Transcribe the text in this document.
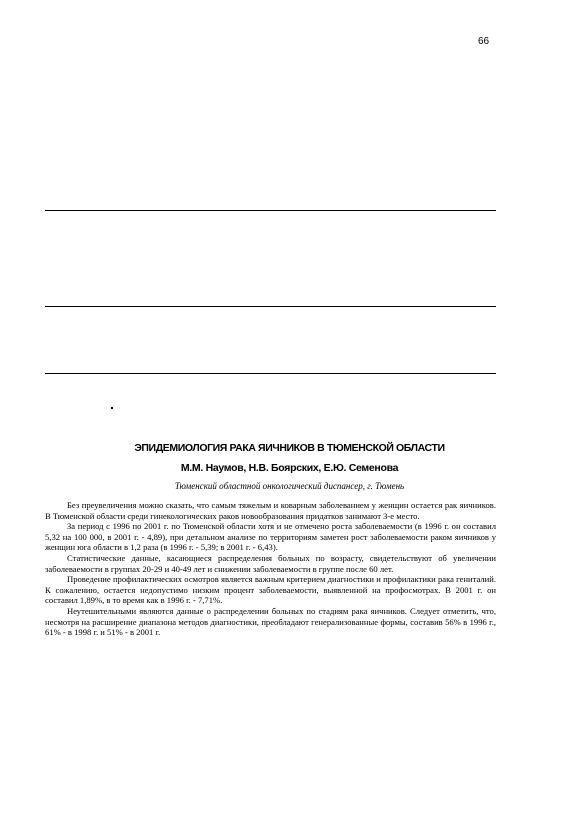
66
ЭПИДЕМИОЛОГИЯ РАКА ЯИЧНИКОВ В ТЮМЕНСКОЙ ОБЛАСТИ
М.М. Наумов, Н.В. Боярских, Е.Ю. Семенова
Тюменский областной онкологический диспансер, г. Тюмень

Без преувеличения можно сказать, что самым тяжелым и коварным заболеванием у женщин остается рак яичников. В Тюменской области среди гинекологических раков новообразования придатков занимают 3-е место.

За период с 1996 по 2001 г. по Тюменской области хотя и не отмечено роста заболеваемости (в 1996 г. он составил 5,32 на 100 000, в 2001 г. - 4,89), при детальном анализе по территориям заметен рост заболеваемости раком яичников у женщин юга области в 1,2 раза (в 1996 г. - 5,39; в 2001 г. - 6,43).

Статистические данные, касающиеся распределения больных по возрасту, свидетельствуют об увеличении заболеваемости в группах 20-29 и 40-49 лет и снижении заболеваемости в группе после 60 лет.

Проведение профилактических осмотров является важным критерием диагностики и профилактики рака гениталий. К сожалению, остается недопустимо низким процент заболеваемости, выявленной на профосмотрах. В 2001 г. он составил 1,89%, в то время как в 1996 г. - 7,71%.

Неутешительными являются данные о распределении больных по стадиям рака яичников. Следует отметить, что, несмотря на расширение диапазона методов диагностики, преобладают генерализованные формы, составив 56% в 1996 г., 61% - в 1998 г. и 51% - в 2001 г.
